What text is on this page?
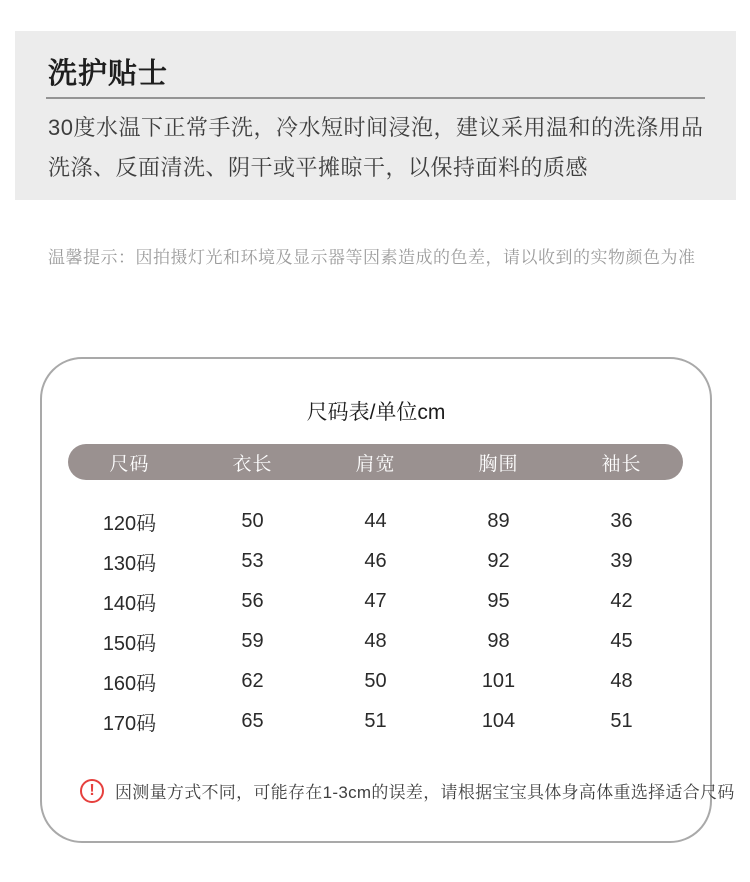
洗护贴士

30度水温下正常手洗，冷水短时间浸泡，建议采用温和的洗涤用品
洗涤、反面清洗、阴干或平摊晾干，以保持面料的质感

温馨提示：因拍摄灯光和环境及显示器等因素造成的色差，请以收到的实物颜色为准

尺码表/单位cm
尺码	衣长	肩宽	胸围	袖长
120码	50	44	89	36
130码	53	46	92	39
140码	56	47	95	42
150码	59	48	98	45
160码	62	50	101	48
170码	65	51	104	51
!	因测量方式不同，可能存在1-3cm的误差，请根据宝宝具体身高体重选择适合尺码
